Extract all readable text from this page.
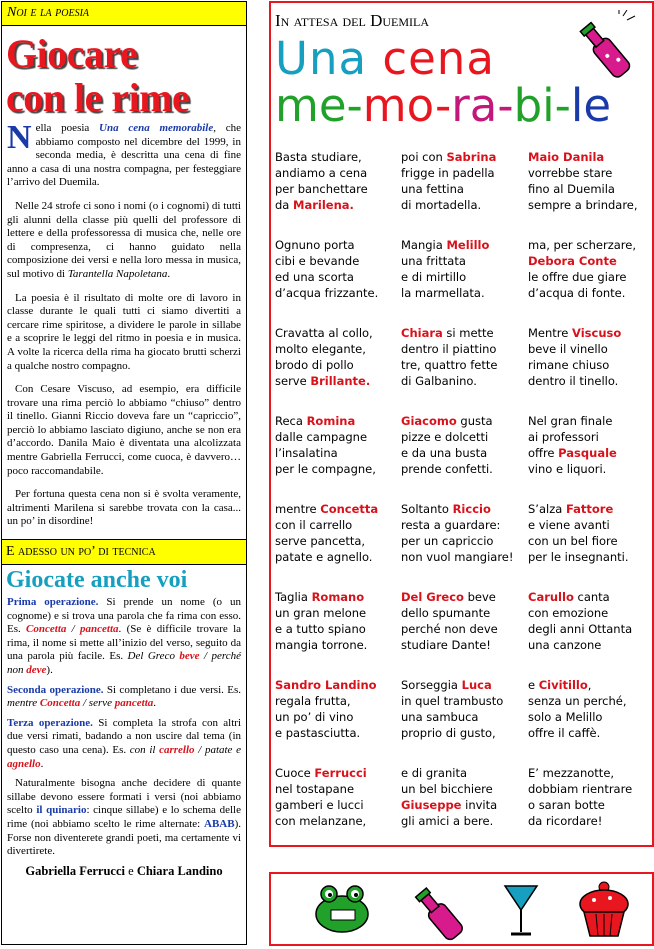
Noi e la poesia
Giocare
con le rime

Nella poesia Una cena memorabile, che abbiamo composto nel dicembre del 1999, in seconda media, è descritta una cena di fine anno a casa di una nostra compagna, per festeggiare l’arrivo del Duemila.

Nelle 24 strofe ci sono i nomi (o i cognomi) di tutti gli alunni della classe più quelli del professore di lettere e della professoressa di musica che, nelle ore di compresenza, ci hanno guidato nella composizione dei versi e nella loro messa in musica, sul motivo di Tarantella Napoletana.

La poesia è il risultato di molte ore di lavoro in classe durante le quali tutti ci siamo divertiti a cercare rime spiritose, a dividere le parole in sillabe e a scoprire le leggi del ritmo in poesia e in musica. A volte la ricerca della rima ha giocato brutti scherzi a qualche nostro compagno.

Con Cesare Viscuso, ad esempio, era difficile trovare una rima perciò lo abbiamo “chiuso” dentro il tinello. Gianni Riccio doveva fare un “capriccio”, perciò lo abbiamo lasciato digiuno, anche se non era d’accordo. Danila Maio è diventata una alcolizzata mentre Gabriella Ferrucci, come cuoca, è davvero… poco raccomandabile.

Per fortuna questa cena non si è svolta veramente, altrimenti Marilena si sarebbe trovata con la casa... un po’ in disordine!

E adesso un po’ di tecnica
Giocate anche voi

Prima operazione. Si prende un nome (o un cognome) e si trova una parola che fa rima con esso. Es. Concetta / pancetta. (Se è difficile trovare la rima, il nome si mette all’inizio del verso, seguito da una parola più facile. Es. Del Greco beve / perché non deve).

Seconda operazione. Si completano i due versi. Es. mentre Concetta / serve pancetta.

Terza operazione. Si completa la strofa con altri due versi rimati, badando a non uscire dal tema (in questo caso una cena). Es. con il carrello / patate e agnello.

Naturalmente bisogna anche decidere di quante sillabe devono essere formati i versi (noi abbiamo scelto il quinario: cinque sillabe) e lo schema delle rime (noi abbiamo scelto le rime alternate: ABAB). Forse non diventerete grandi poeti, ma certamente vi divertirete.

Gabriella Ferrucci e Chiara Landino
In attesa del Duemila
Una cena
me-mo-ra-bi-le
Basta studiare,
andiamo a cena
per banchettare
da Marilena.
poi con Sabrina
frigge in padella
una fettina
di mortadella.
Maio Danila
vorrebbe stare
fino al Duemila
sempre a brindare,
Ognuno porta
cibi e bevande
ed una scorta
d’acqua frizzante.
Mangia Melillo
una frittata
e di mirtillo
la marmellata.
ma, per scherzare,
Debora Conte
le offre due giare
d’acqua di fonte.
Cravatta al collo,
molto elegante,
brodo di pollo
serve Brillante.
Chiara si mette
dentro il piattino
tre, quattro fette
di Galbanino.
Mentre Viscuso
beve il vinello
rimane chiuso
dentro il tinello.
Reca Romina
dalle campagne
l’insalatina
per le compagne,
Giacomo gusta
pizze e dolcetti
e da una busta
prende confetti.
Nel gran finale
ai professori
offre Pasquale
vino e liquori.
mentre Concetta
con il carrello
serve pancetta,
patate e agnello.
Soltanto Riccio
resta a guardare:
per un capriccio
non vuol mangiare!
S’alza Fattore
e viene avanti
con un bel fiore
per le insegnanti.
Taglia Romano
un gran melone
e a tutto spiano
mangia torrone.
Del Greco beve
dello spumante
perché non deve
studiare Dante!
Carullo canta
con emozione
degli anni Ottanta
una canzone
Sandro Landino
regala frutta,
un po’ di vino
e pastasciutta.
Sorseggia Luca
in quel trambusto
una sambuca
proprio di gusto,
e Civitillo,
senza un perché,
solo a Melillo
offre il caffè.
Cuoce Ferrucci
nel tostapane
gamberi e lucci
con melanzane,
e di granita
un bel bicchiere
Giuseppe invita
gli amici a bere.
E’ mezzanotte,
dobbiam rientrare
o saran botte
da ricordare!
